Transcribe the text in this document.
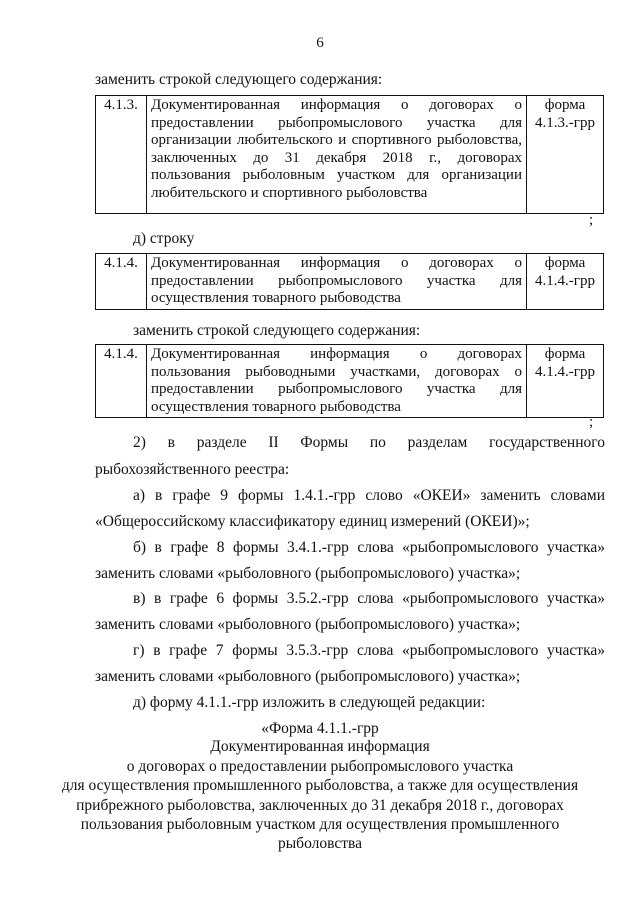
6
заменить строкой следующего содержания:
4.1.3.	Документированная информация о договорах о предоставлении рыбопромыслового участка для организации любительского и спортивного рыболовства, заключенных до 31 декабря 2018 г., договорах пользования рыболовным участком для организации любительского и спортивного рыболовства	форма 4.1.3.-грр
;
д) строку
4.1.4.	Документированная информация о договорах о предоставлении рыбопромыслового участка для осуществления товарного рыбоводства	форма 4.1.4.-грр
заменить строкой следующего содержания:
4.1.4.	Документированная информация о договорах пользования рыбоводными участками, договорах о предоставлении рыбопромыслового участка для осуществления товарного рыбоводства	форма 4.1.4.-грр
;
2) в разделе II Формы по разделам государственного
рыбохозяйственного реестра:
а) в графе 9 формы 1.4.1.-грр слово «ОКЕИ» заменить словами
«Общероссийскому классификатору единиц измерений (ОКЕИ)»;
б) в графе 8 формы 3.4.1.-грр слова «рыбопромыслового участка»
заменить словами «рыболовного (рыбопромыслового) участка»;
в) в графе 6 формы 3.5.2.-грр слова «рыбопромыслового участка»
заменить словами «рыболовного (рыбопромыслового) участка»;
г) в графе 7 формы 3.5.3.-грр слова «рыбопромыслового участка»
заменить словами «рыболовного (рыбопромыслового) участка»;
д) форму 4.1.1.-грр изложить в следующей редакции:
«Форма 4.1.1.-грр
Документированная информация
о договорах о предоставлении рыбопромыслового участка
для осуществления промышленного рыболовства, а также для осуществления
прибрежного рыболовства, заключенных до 31 декабря 2018 г., договорах
пользования рыболовным участком для осуществления промышленного
рыболовства
